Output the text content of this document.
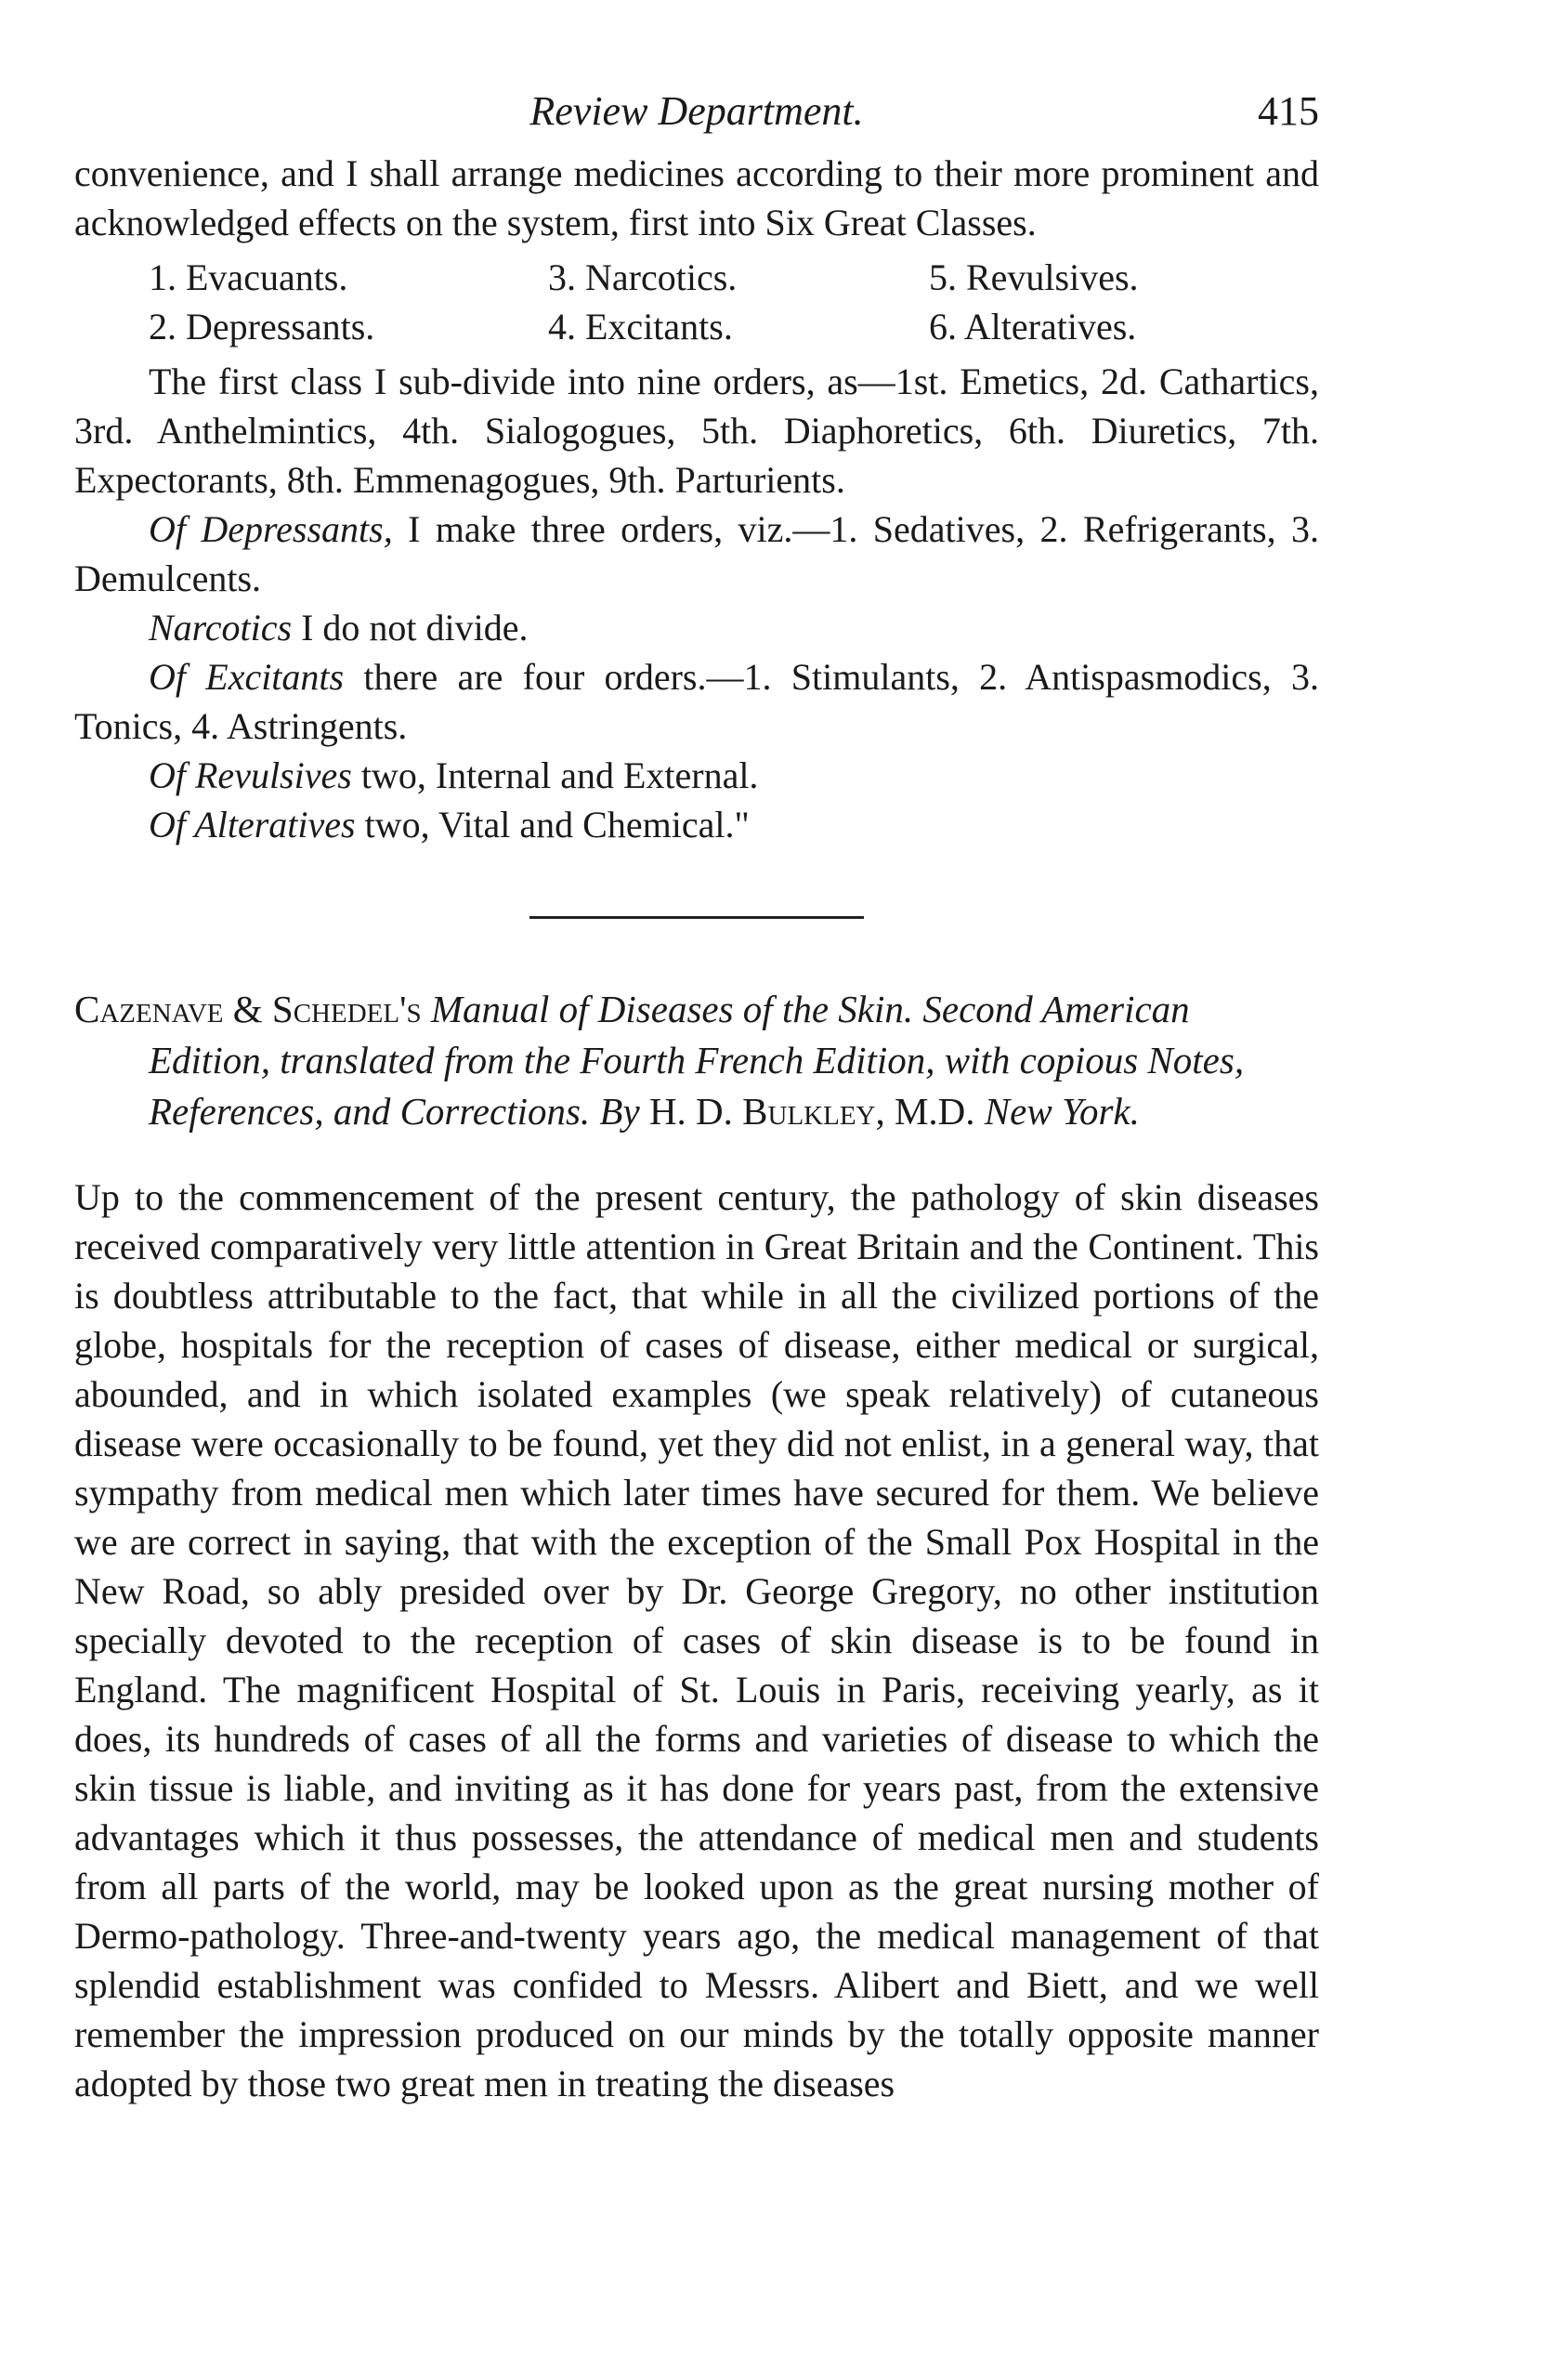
Review Department.	415

convenience, and I shall arrange medicines according to their more prominent and acknowledged effects on the system, first into Six Great Classes.

1. Evacuants.	3. Narcotics.	5. Revulsives.
2. Depressants.	4. Excitants.	6. Alteratives.

The first class I sub-divide into nine orders, as—1st. Emetics, 2d. Cathartics, 3rd. Anthelmintics, 4th. Sialogogues, 5th. Diaphoretics, 6th. Diuretics, 7th. Expectorants, 8th. Emmenagogues, 9th. Parturients.

Of Depressants, I make three orders, viz.—1. Sedatives, 2. Refrigerants, 3. Demulcents.

Narcotics I do not divide.

Of Excitants there are four orders.—1. Stimulants, 2. Antispasmodics, 3. Tonics, 4. Astringents.

Of Revulsives two, Internal and External.

Of Alteratives two, Vital and Chemical."

Cazenave & Schedel's Manual of Diseases of the Skin. Second American Edition, translated from the Fourth French Edition, with copious Notes, References, and Corrections. By H. D. Bulkley, M.D. New York.

Up to the commencement of the present century, the pathology of skin diseases received comparatively very little attention in Great Britain and the Continent. This is doubtless attributable to the fact, that while in all the civilized portions of the globe, hospitals for the reception of cases of disease, either medical or surgical, abounded, and in which isolated examples (we speak relatively) of cutaneous disease were occasionally to be found, yet they did not enlist, in a general way, that sympathy from medical men which later times have secured for them. We believe we are correct in saying, that with the exception of the Small Pox Hospital in the New Road, so ably presided over by Dr. George Gregory, no other institution specially devoted to the reception of cases of skin disease is to be found in England. The magnificent Hospital of St. Louis in Paris, receiving yearly, as it does, its hundreds of cases of all the forms and varieties of disease to which the skin tissue is liable, and inviting as it has done for years past, from the extensive advantages which it thus possesses, the attendance of medical men and students from all parts of the world, may be looked upon as the great nursing mother of Dermo-pathology. Three-and-twenty years ago, the medical management of that splendid establishment was confided to Messrs. Alibert and Biett, and we well remember the impression produced on our minds by the totally opposite manner adopted by those two great men in treating the diseases
